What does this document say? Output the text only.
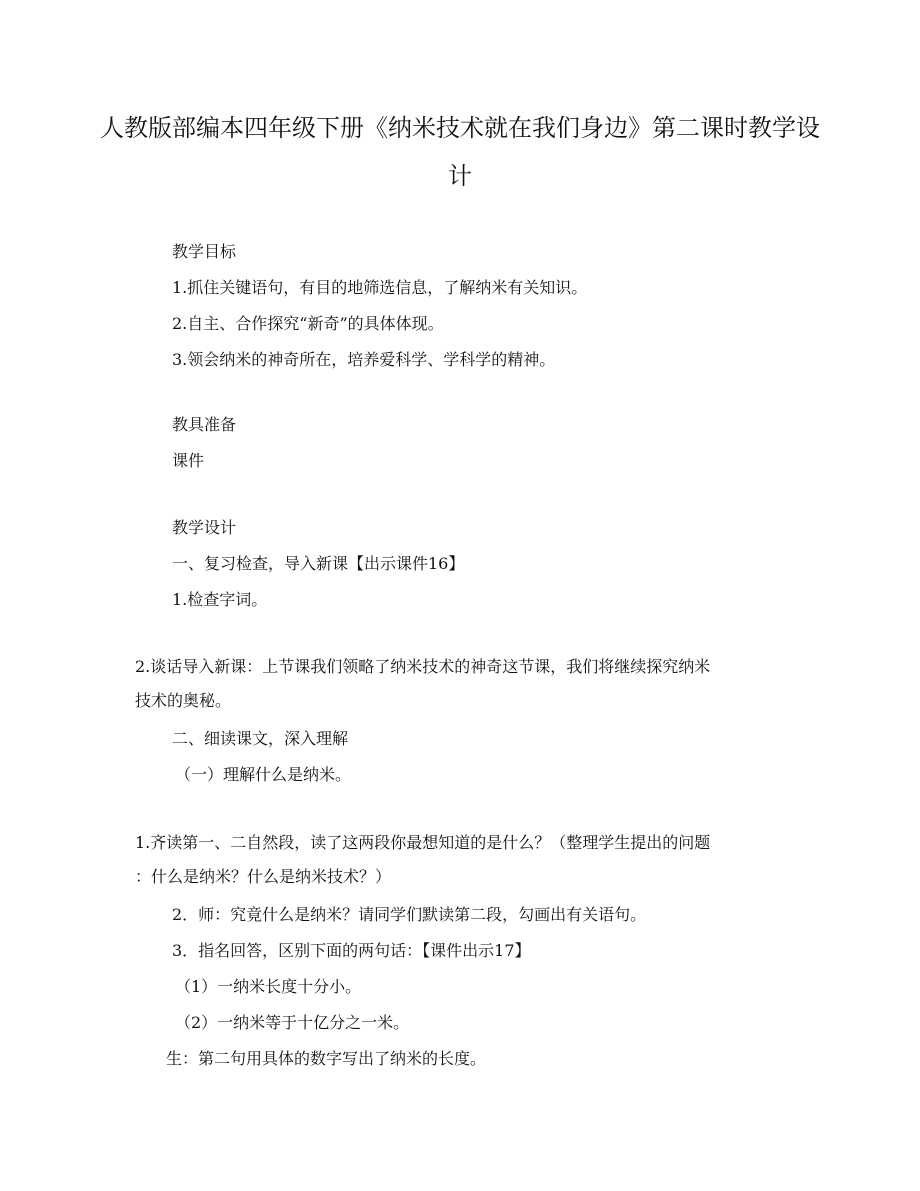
人教版部编本四年级下册《纳米技术就在我们身边》第二课时教学设计

教学目标

1.抓住关键语句，有目的地筛选信息，了解纳米有关知识。

2.自主、合作探究“新奇”的具体体现。

3.领会纳米的神奇所在，培养爱科学、学科学的精神。

教具准备

课件

教学设计

一、复习检查，导入新课【出示课件16】

1.检查字词。

2.谈话导入新课：上节课我们领略了纳米技术的神奇这节课，我们将继续探究纳米

技术的奥秘。

二、细读课文，深入理解

（一）理解什么是纳米。

1.齐读第一、二自然段，读了这两段你最想知道的是什么？（整理学生提出的问题

：什么是纳米？什么是纳米技术？）

2．师：究竟什么是纳米？请同学们默读第二段，勾画出有关语句。

3．指名回答，区别下面的两句话：【课件出示17】

（1）一纳米长度十分小。

（2）一纳米等于十亿分之一米。

生：第二句用具体的数字写出了纳米的长度。
